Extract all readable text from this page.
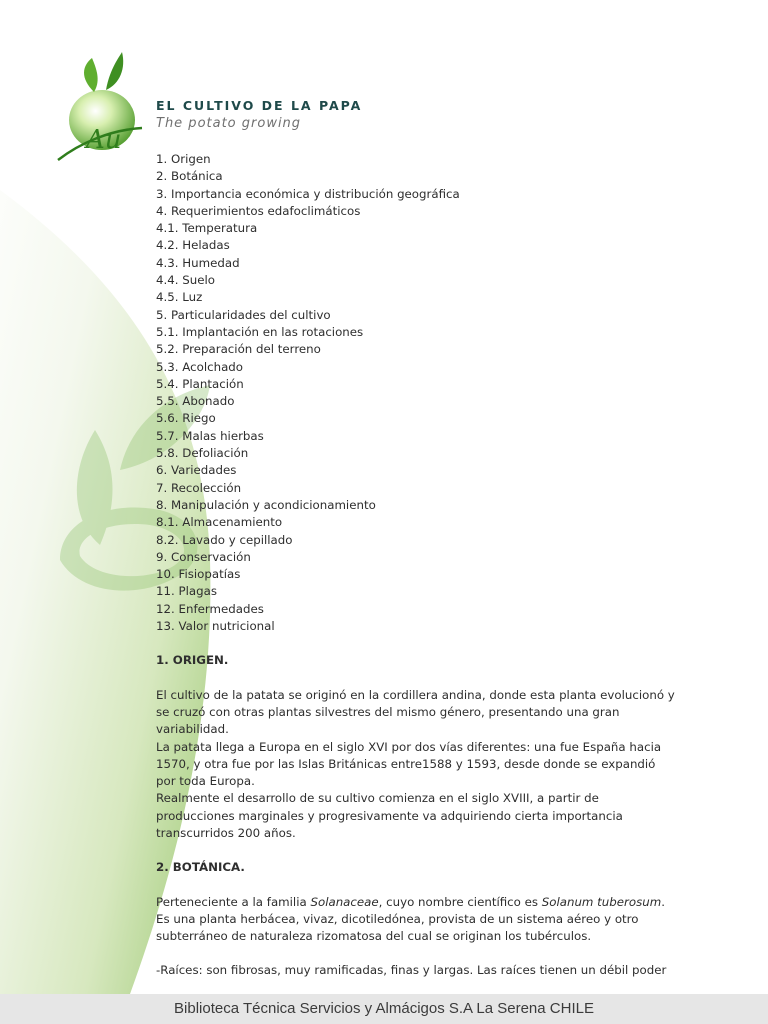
Au
EL CULTIVO DE LA PAPA
The potato growing
1. Origen
2. Botánica
3. Importancia económica y distribución geográfica
4. Requerimientos edafoclimáticos
4.1. Temperatura
4.2. Heladas
4.3. Humedad
4.4. Suelo
4.5. Luz
5. Particularidades del cultivo
5.1. Implantación en las rotaciones
5.2. Preparación del terreno
5.3. Acolchado
5.4. Plantación
5.5. Abonado
5.6. Riego
5.7. Malas hierbas
5.8. Defoliación
6. Variedades
7. Recolección
8. Manipulación y acondicionamiento
8.1. Almacenamiento
8.2. Lavado y cepillado
9. Conservación
10. Fisiopatías
11. Plagas
12. Enfermedades
13. Valor nutricional
1. ORIGEN.

El cultivo de la patata se originó en la cordillera andina, donde esta planta evolucionó y

se cruzó con otras plantas silvestres del mismo género, presentando una gran

variabilidad.

La patata llega a Europa en el siglo XVI por dos vías diferentes: una fue España hacia

1570, y otra fue por las Islas Británicas entre1588 y 1593, desde donde se expandió

por toda Europa.

Realmente el desarrollo de su cultivo comienza en el siglo XVIII, a partir de

producciones marginales y progresivamente va adquiriendo cierta importancia

transcurridos 200 años.

2. BOTÁNICA.

Perteneciente a la familia Solanaceae, cuyo nombre científico es Solanum tuberosum.

Es una planta herbácea, vivaz, dicotiledónea, provista de un sistema aéreo y otro

subterráneo de naturaleza rizomatosa del cual se originan los tubérculos.

-Raíces: son fibrosas, muy ramificadas, finas y largas. Las raíces tienen un débil poder

Biblioteca Técnica Servicios y Almácigos S.A La Serena CHILE
